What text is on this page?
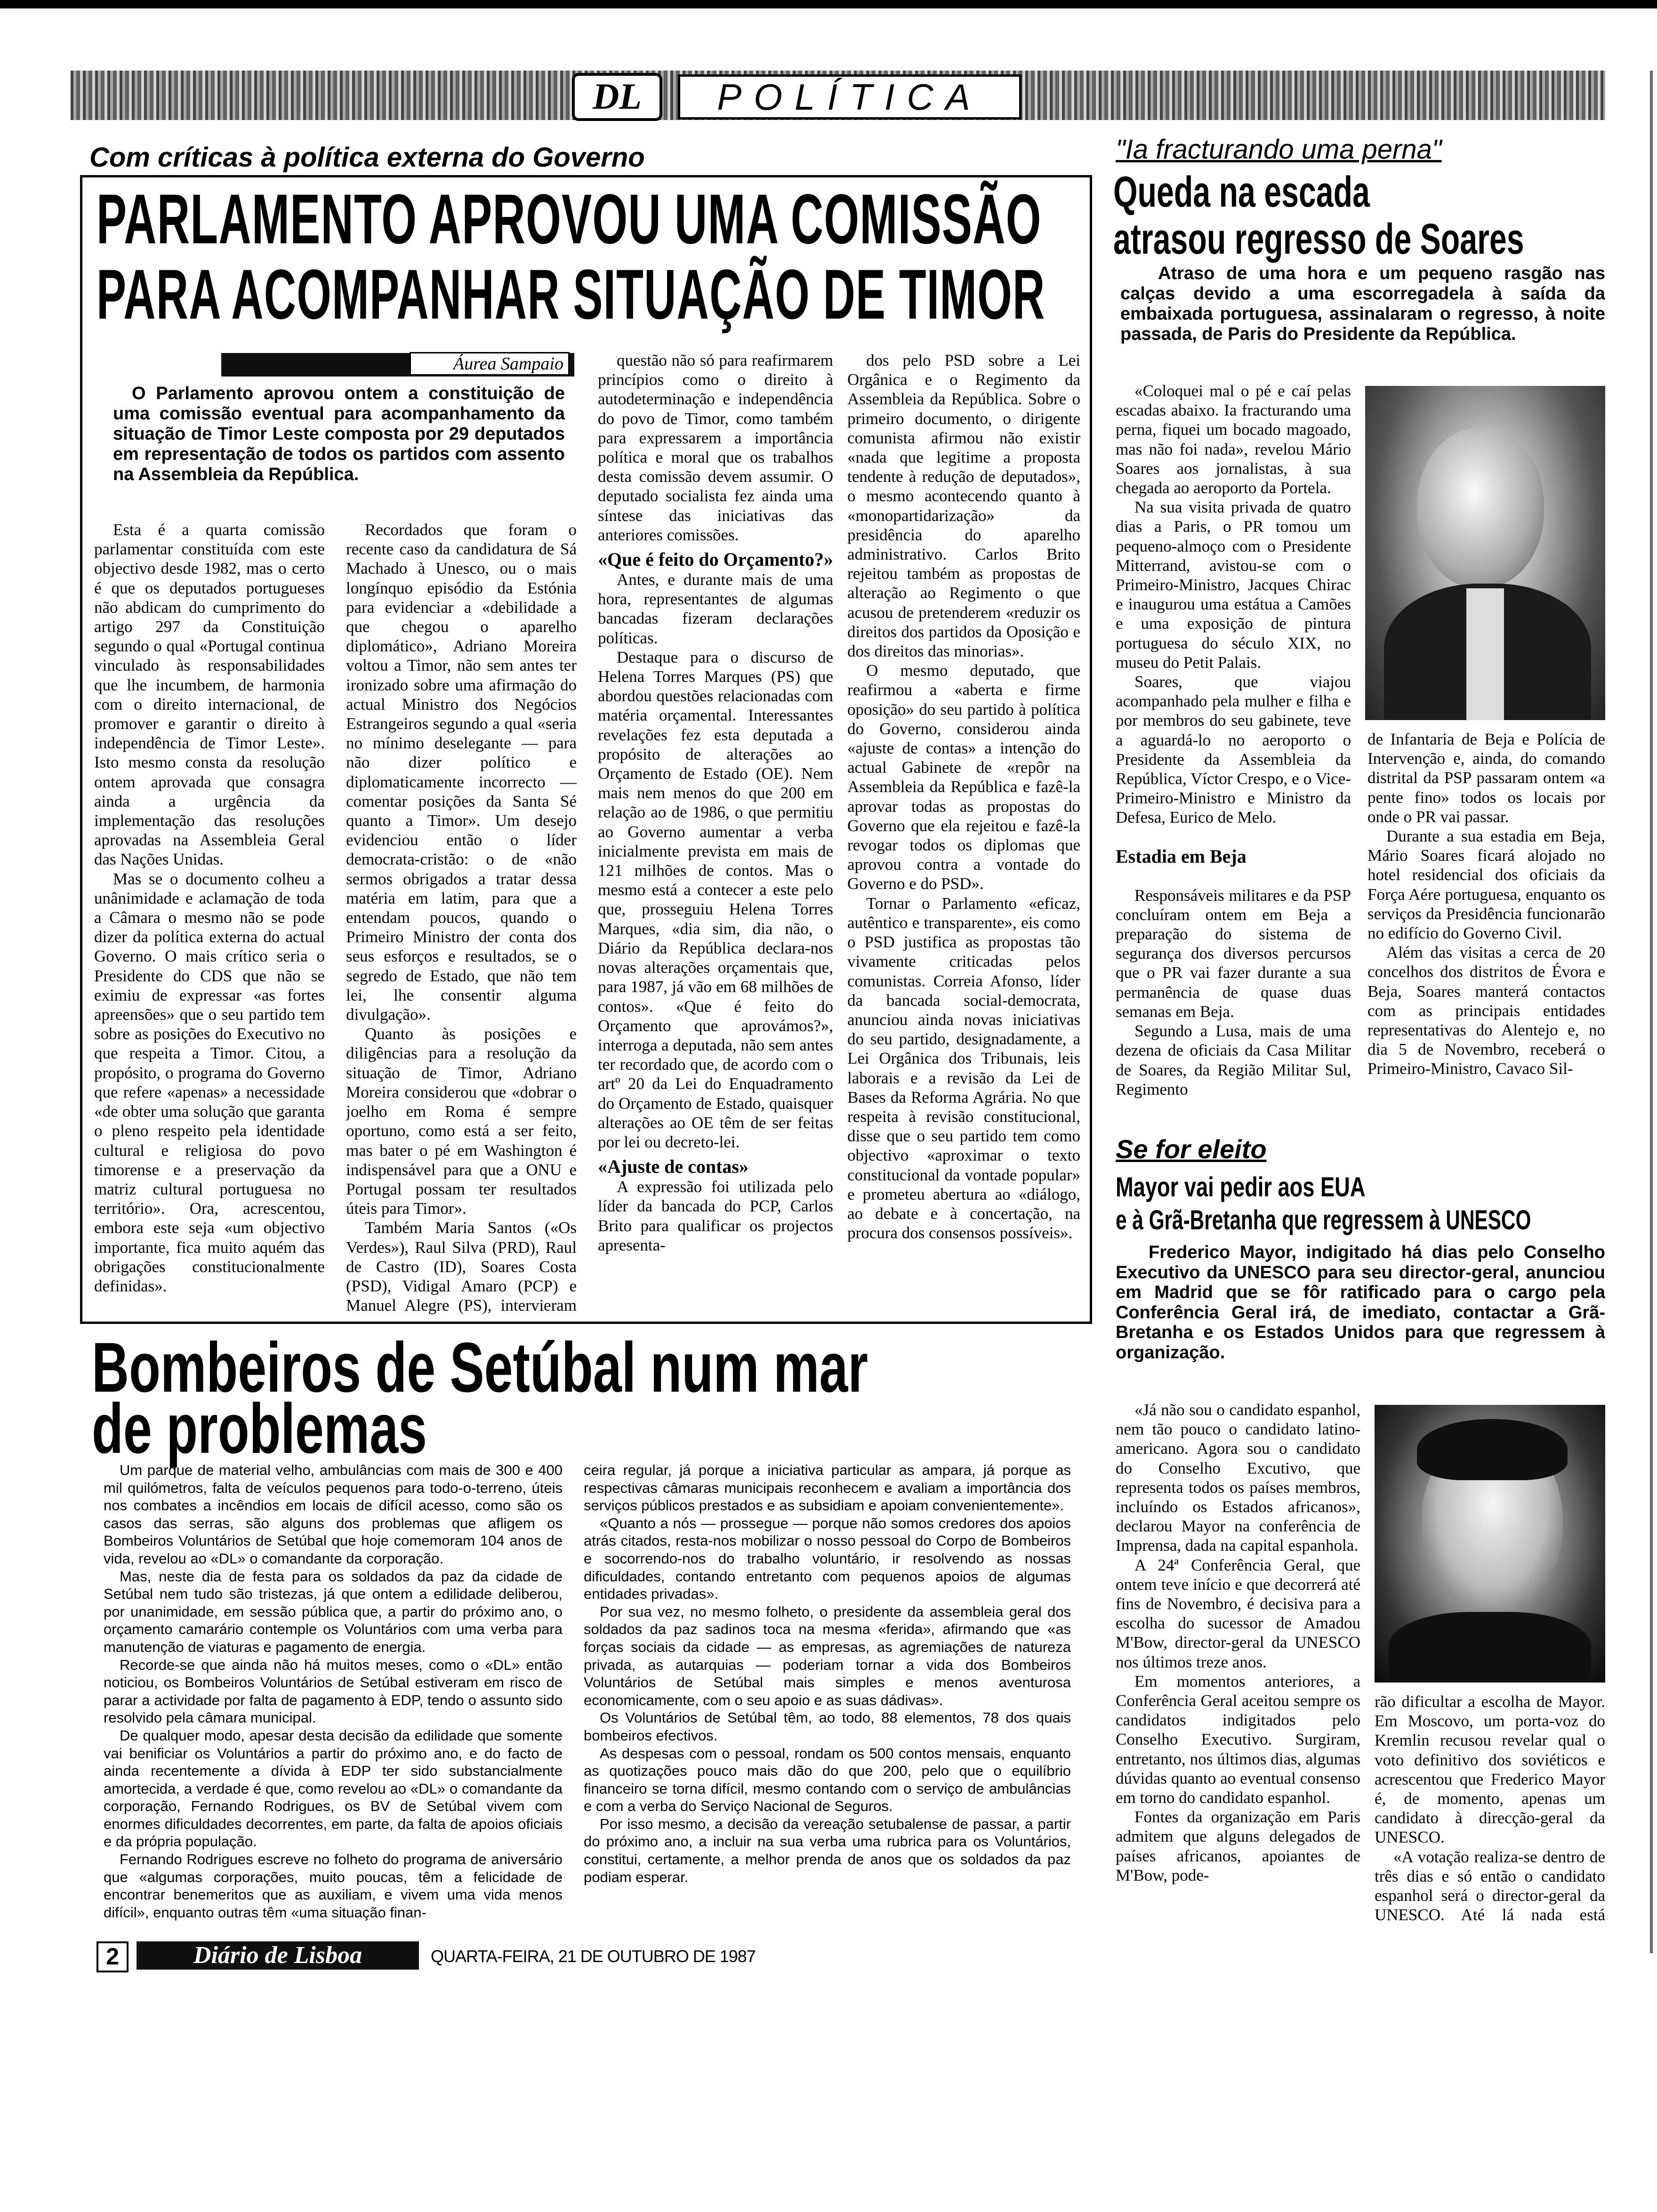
DL	POLÍTICA
Com críticas à política externa do Governo
PARLAMENTO APROVOU UMA COMISSÃO
PARA ACOMPANHAR SITUAÇÃO DE TIMOR
Áurea Sampaio

O Parlamento aprovou ontem a constituição de uma comissão eventual para acompanhamento da situação de Timor Leste composta por 29 deputados em representação de todos os partidos com assento na Assembleia da República.

Esta é a quarta comissão parlamentar constituída com este objectivo desde 1982, mas o certo é que os deputados portugueses não abdicam do cumprimento do artigo 297 da Constituição segundo o qual «Portugal continua vinculado às responsabilidades que lhe incumbem, de harmonia com o direito internacional, de promover e garantir o direito à independência de Timor Leste». Isto mesmo consta da resolução ontem aprovada que consagra ainda a urgência da implementação das resoluções aprovadas na Assembleia Geral das Nações Unidas.

Mas se o documento colheu a unânimidade e aclamação de toda a Câmara o mesmo não se pode dizer da política externa do actual Governo. O mais crítico seria o Presidente do CDS que não se eximiu de expressar «as fortes apreensões» que o seu partido tem sobre as posições do Executivo no que respeita a Timor. Citou, a propósito, o programa do Governo que refere «apenas» a necessidade «de obter uma solução que garanta o pleno respeito pela identidade cultural e religiosa do povo timorense e a preservação da matriz cultural portuguesa no território». Ora, acrescentou, embora este seja «um objectivo importante, fica muito aquém das obrigações constitucionalmente definidas».

Recordados que foram o recente caso da candidatura de Sá Machado à Unesco, ou o mais longínquo episódio da Estónia para evidenciar a «debilidade a que chegou o aparelho diplomático», Adriano Moreira voltou a Timor, não sem antes ter ironizado sobre uma afirmação do actual Ministro dos Negócios Estrangeiros segundo a qual «seria no mínimo deselegante — para não dizer político e diplomaticamente incorrecto — comentar posições da Santa Sé quanto a Timor». Um desejo evidenciou então o líder democrata-cristão: o de «não sermos obrigados a tratar dessa matéria em latim, para que a entendam poucos, quando o Primeiro Ministro der conta dos seus esforços e resultados, se o segredo de Estado, que não tem lei, lhe consentir alguma divulgação».

Quanto às posições e diligências para a resolução da situação de Timor, Adriano Moreira considerou que «dobrar o joelho em Roma é sempre oportuno, como está a ser feito, mas bater o pé em Washington é indispensável para que a ONU e Portugal possam ter resultados úteis para Timor».

Também Maria Santos («Os Verdes»), Raul Silva (PRD), Raul de Castro (ID), Soares Costa (PSD), Vidigal Amaro (PCP) e Manuel Alegre (PS), intervieram

questão não só para reafirmarem princípios como o direito à autodeterminação e independência do povo de Timor, como também para expressarem a importância política e moral que os trabalhos desta comissão devem assumir. O deputado socialista fez ainda uma síntese das iniciativas das anteriores comissões.

«Que é feito do Orçamento?»

Antes, e durante mais de uma hora, representantes de algumas bancadas fizeram declarações políticas.

Destaque para o discurso de Helena Torres Marques (PS) que abordou questões relacionadas com matéria orçamental. Interessantes revelações fez esta deputada a propósito de alterações ao Orçamento de Estado (OE). Nem mais nem menos do que 200 em relação ao de 1986, o que permitiu ao Governo aumentar a verba inicialmente prevista em mais de 121 milhões de contos. Mas o mesmo está a contecer a este pelo que, prosseguiu Helena Torres Marques, «dia sim, dia não, o Diário da República declara-nos novas alterações orçamentais que, para 1987, já vão em 68 milhões de contos». «Que é feito do Orçamento que aprovámos?», interroga a deputada, não sem antes ter recordado que, de acordo com o artº 20 da Lei do Enquadramento do Orçamento de Estado, quaisquer alterações ao OE têm de ser feitas por lei ou decreto-lei.

«Ajuste de contas»

A expressão foi utilizada pelo líder da bancada do PCP, Carlos Brito para qualificar os projectos apresenta-

dos pelo PSD sobre a Lei Orgânica e o Regimento da Assembleia da República. Sobre o primeiro documento, o dirigente comunista afirmou não existir «nada que legitime a proposta tendente à redução de deputados», o mesmo acontecendo quanto à «monopartidarização» da presidência do aparelho administrativo. Carlos Brito rejeitou também as propostas de alteração ao Regimento o que acusou de pretenderem «reduzir os direitos dos partidos da Oposição e dos direitos das minorias».

O mesmo deputado, que reafirmou a «aberta e firme oposição» do seu partido à política do Governo, considerou ainda «ajuste de contas» a intenção do actual Gabinete de «repôr na Assembleia da República e fazê-la aprovar todas as propostas do Governo que ela rejeitou e fazê-la revogar todos os diplomas que aprovou contra a vontade do Governo e do PSD».

Tornar o Parlamento «eficaz, autêntico e transparente», eis como o PSD justifica as propostas tão vivamente criticadas pelos comunistas. Correia Afonso, líder da bancada social-democrata, anunciou ainda novas iniciativas do seu partido, designadamente, a Lei Orgânica dos Tribunais, leis laborais e a revisão da Lei de Bases da Reforma Agrária. No que respeita à revisão constitucional, disse que o seu partido tem como objectivo «aproximar o texto constitucional da vontade popular» e prometeu abertura ao «diálogo, ao debate e à concertação, na procura dos consensos possíveis».

"Ia fracturando uma perna"
Queda na escada
atrasou regresso de Soares

Atraso de uma hora e um pequeno rasgão nas calças devido a uma escorregadela à saída da embaixada portuguesa, assinalaram o regresso, à noite passada, de Paris do Presidente da República.

«Coloquei mal o pé e caí pelas escadas abaixo. Ia fracturando uma perna, fiquei um bocado magoado, mas não foi nada», revelou Mário Soares aos jornalistas, à sua chegada ao aeroporto da Portela.

Na sua visita privada de quatro dias a Paris, o PR tomou um pequeno-almoço com o Presidente Mitterrand, avistou-se com o Primeiro-Ministro, Jacques Chirac e inaugurou uma estátua a Camões e uma exposição de pintura portuguesa do século XIX, no museu do Petit Palais.

Soares, que viajou acompanhado pela mulher e filha e por membros do seu gabinete, teve a aguardá-lo no aeroporto o Presidente da Assembleia da República, Víctor Crespo, e o Vice-Primeiro-Ministro e Ministro da Defesa, Eurico de Melo.

Estadia em Beja

Responsáveis militares e da PSP concluíram ontem em Beja a preparação do sistema de segurança dos diversos percursos que o PR vai fazer durante a sua permanência de quase duas semanas em Beja.

Segundo a Lusa, mais de uma dezena de oficiais da Casa Militar de Soares, da Região Militar Sul, Regimento

de Infantaria de Beja e Polícia de Intervenção e, ainda, do comando distrital da PSP passaram ontem «a pente fino» todos os locais por onde o PR vai passar.

Durante a sua estadia em Beja, Mário Soares ficará alojado no hotel residencial dos oficiais da Força Aére portuguesa, enquanto os serviços da Presidência funcionarão no edifício do Governo Civil.

Além das visitas a cerca de 20 concelhos dos distritos de Évora e Beja, Soares manterá contactos com as principais entidades representativas do Alentejo e, no dia 5 de Novembro, receberá o Primeiro-Ministro, Cavaco Sil-

Se for eleito
Mayor vai pedir aos EUA
e à Grã-Bretanha que regressem à UNESCO

Frederico Mayor, indigitado há dias pelo Conselho Executivo da UNESCO para seu director-geral, anunciou em Madrid que se fôr ratificado para o cargo pela Conferência Geral irá, de imediato, contactar a Grã-Bretanha e os Estados Unidos para que regressem à organização.

«Já não sou o candidato espanhol, nem tão pouco o candidato latino-americano. Agora sou o candidato do Conselho Excutivo, que representa todos os países membros, incluíndo os Estados africanos», declarou Mayor na conferência de Imprensa, dada na capital espanhola.

A 24ª Conferência Geral, que ontem teve início e que decorrerá até fins de Novembro, é decisiva para a escolha do sucessor de Amadou M'Bow, director-geral da UNESCO nos últimos treze anos.

Em momentos anteriores, a Conferência Geral aceitou sempre os candidatos indigitados pelo Conselho Executivo. Surgiram, entretanto, nos últimos dias, algumas dúvidas quanto ao eventual consenso em torno do candidato espanhol.

Fontes da organização em Paris admitem que alguns delegados de países africanos, apoiantes de M'Bow, pode-

rão dificultar a escolha de Mayor. Em Moscovo, um porta-voz do Kremlin recusou revelar qual o voto definitivo dos soviéticos e acrescentou que Frederico Mayor é, de momento, apenas um candidato à direcção-geral da UNESCO.

«A votação realiza-se dentro de três dias e só então o candidato espanhol será o director-geral da UNESCO. Até lá nada está

Bombeiros de Setúbal num mar
de problemas

Um parque de material velho, ambulâncias com mais de 300 e 400 mil quilómetros, falta de veículos pequenos para todo-o-terreno, úteis nos combates a incêndios em locais de difícil acesso, como são os casos das serras, são alguns dos problemas que afligem os Bombeiros Voluntários de Setúbal que hoje comemoram 104 anos de vida, revelou ao «DL» o comandante da corporação.

Mas, neste dia de festa para os soldados da paz da cidade de Setúbal nem tudo são tristezas, já que ontem a edilidade deliberou, por unanimidade, em sessão pública que, a partir do próximo ano, o orçamento camarário contemple os Voluntários com uma verba para manutenção de viaturas e pagamento de energia.

Recorde-se que ainda não há muitos meses, como o «DL» então noticiou, os Bombeiros Voluntários de Setúbal estiveram em risco de parar a actividade por falta de pagamento à EDP, tendo o assunto sido resolvido pela câmara municipal.

De qualquer modo, apesar desta decisão da edilidade que somente vai benificiar os Voluntários a partir do próximo ano, e do facto de ainda recentemente a dívida à EDP ter sido substancialmente amortecida, a verdade é que, como revelou ao «DL» o comandante da corporação, Fernando Rodrigues, os BV de Setúbal vivem com enormes dificuldades decorrentes, em parte, da falta de apoios oficiais e da própria população.

Fernando Rodrigues escreve no folheto do programa de aniversário que «algumas corporações, muito poucas, têm a felicidade de encontrar benemeritos que as auxiliam, e vivem uma vida menos difícil», enquanto outras têm «uma situação finan-

ceira regular, já porque a iniciativa particular as ampara, já porque as respectivas câmaras municipais reconhecem e avaliam a importância dos serviços públicos prestados e as subsidiam e apoiam convenientemente».

«Quanto a nós — prossegue — porque não somos credores dos apoios atrás citados, resta-nos mobilizar o nosso pessoal do Corpo de Bombeiros e socorrendo-nos do trabalho voluntário, ir resolvendo as nossas dificuldades, contando entretanto com pequenos apoios de algumas entidades privadas».

Por sua vez, no mesmo folheto, o presidente da assembleia geral dos soldados da paz sadinos toca na mesma «ferida», afirmando que «as forças sociais da cidade — as empresas, as agremiações de natureza privada, as autarquias — poderiam tornar a vida dos Bombeiros Voluntários de Setúbal mais simples e menos aventurosa economicamente, com o seu apoio e as suas dádivas».

Os Voluntários de Setúbal têm, ao todo, 88 elementos, 78 dos quais bombeiros efectivos.

As despesas com o pessoal, rondam os 500 contos mensais, enquanto as quotizações pouco mais dão do que 200, pelo que o equilíbrio financeiro se torna difícil, mesmo contando com o serviço de ambulâncias e com a verba do Serviço Nacional de Seguros.

Por isso mesmo, a decisão da vereação setubalense de passar, a partir do próximo ano, a incluir na sua verba uma rubrica para os Voluntários, constitui, certamente, a melhor prenda de anos que os soldados da paz podiam esperar.

2	Diário de Lisboa	QUARTA-FEIRA, 21 DE OUTUBRO DE 1987
